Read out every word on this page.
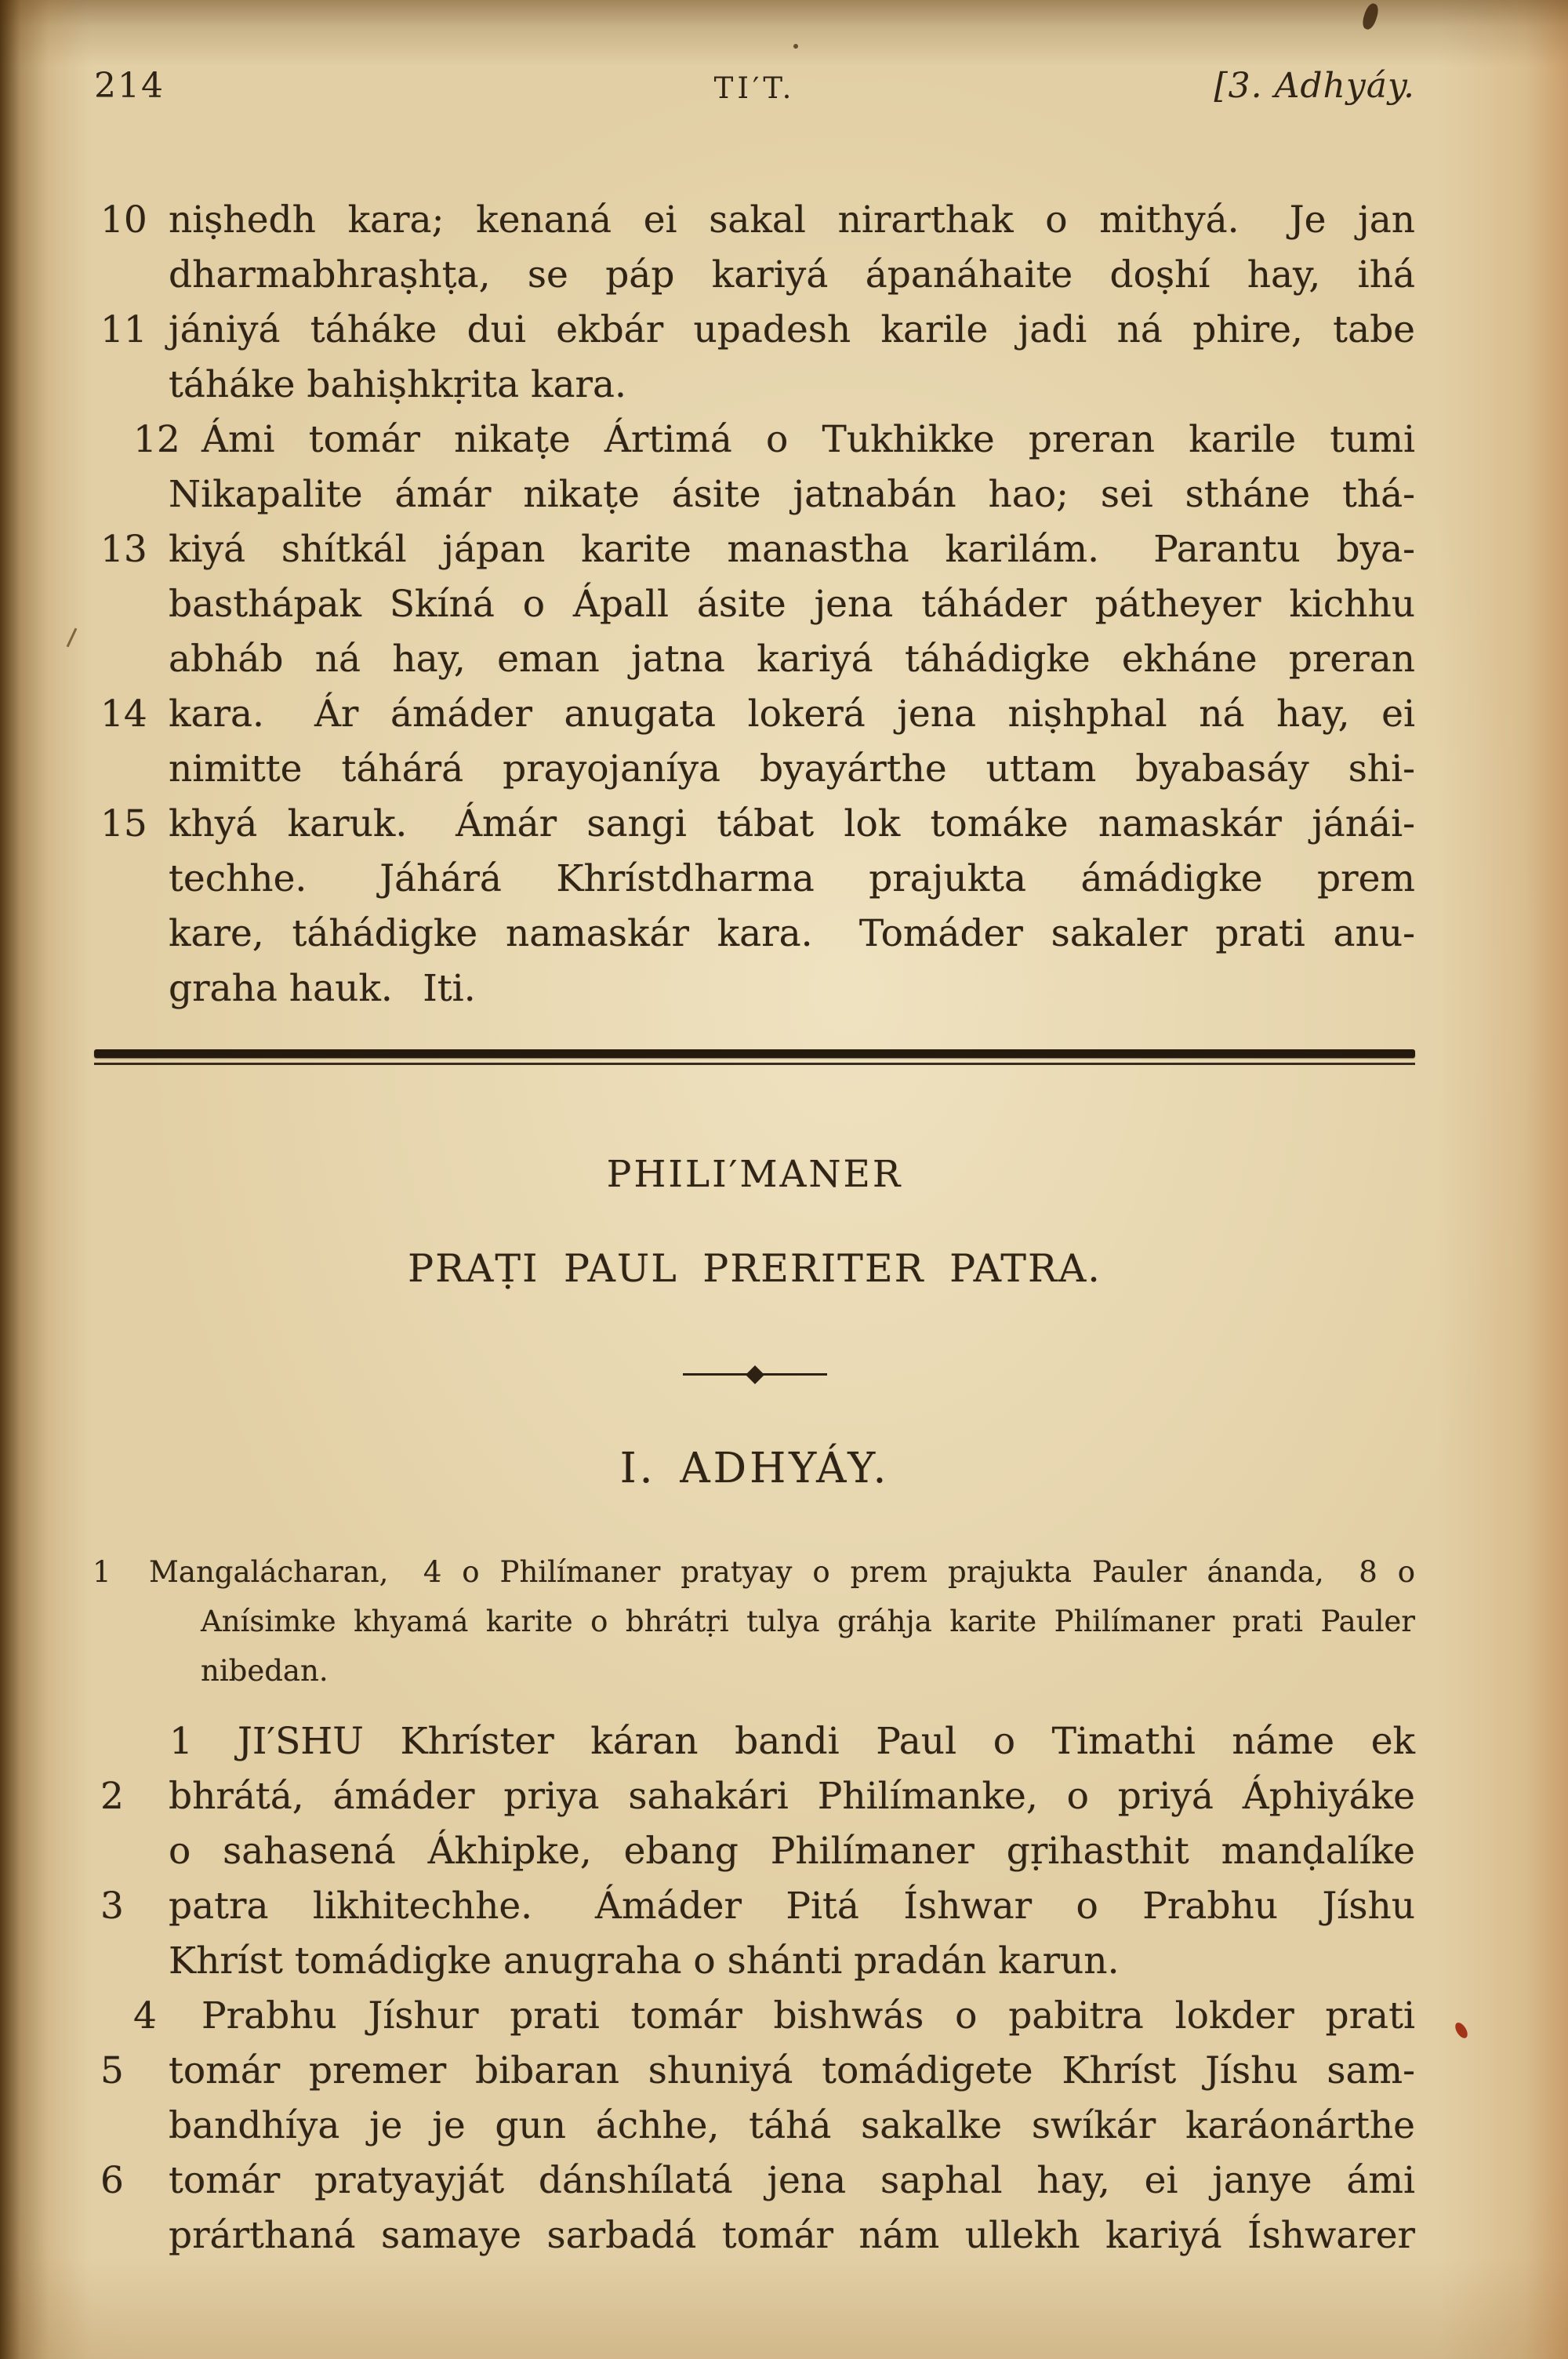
214	TI′T.	[3. Adhyáy.
10 niṣhedh kara; kenaná ei sakal nirarthak o mithyá.  Je jan
dharmabhraṣhṭa, se páp kariyá ápanáhaite doṣhí hay, ihá
11 jániyá táháke dui ekbár upadesh karile jadi ná phire, tabe
táháke bahiṣhkṛita kara.
12 Ámi tomár nikaṭe Ártimá o Tukhikke preran karile tumi
Nikapalite ámár nikaṭe ásite jatnabán hao; sei stháne thá-
13 kiyá shítkál jápan karite manastha karilám.  Parantu bya-
basthápak Skíná o Ápall ásite jena táháder pátheyer kichhu
abháb ná hay, eman jatna kariyá táhádigke ekháne preran
14 kara.  Ár ámáder anugata lokerá jena niṣhphal ná hay, ei
nimitte táhárá prayojaníya byayárthe uttam byabasáy shi-
15 khyá karuk.  Ámár sangi tábat lok tomáke namaskár jánái-
techhe.  Jáhárá Khrístdharma prajukta ámádigke prem
kare, táhádigke namaskár kara.  Tomáder sakaler prati anu-
graha hauk.  Iti.
PHILI′MANER
PRAṬI PAUL PRERITER PATRA.
I. ADHYÁY.
1 Mangalácharan,  4 o Philímaner pratyay o prem prajukta Pauler ánanda,  8 o
Anísimke khyamá karite o bhrátṛi tulya gráhja karite Philímaner prati Pauler
nibedan.
1 JI′SHU Khríster káran bandi Paul o Timathi náme ek
2 bhrátá, ámáder priya sahakári Philímanke, o priyá Áphiyáke
o sahasená Ákhipke, ebang Philímaner gṛihasthit manḍalíke
3 patra likhitechhe.  Ámáder Pitá Íshwar o Prabhu Jíshu
Khríst tomádigke anugraha o shánti pradán karun.
4 Prabhu Jíshur prati tomár bishwás o pabitra lokder prati
5 tomár premer bibaran shuniyá tomádigete Khríst Jíshu sam-
bandhíya je je gun áchhe, táhá sakalke swíkár karáonárthe
6 tomár pratyayját dánshílatá jena saphal hay, ei janye ámi
prárthaná samaye sarbadá tomár nám ullekh kariyá Íshwarer
